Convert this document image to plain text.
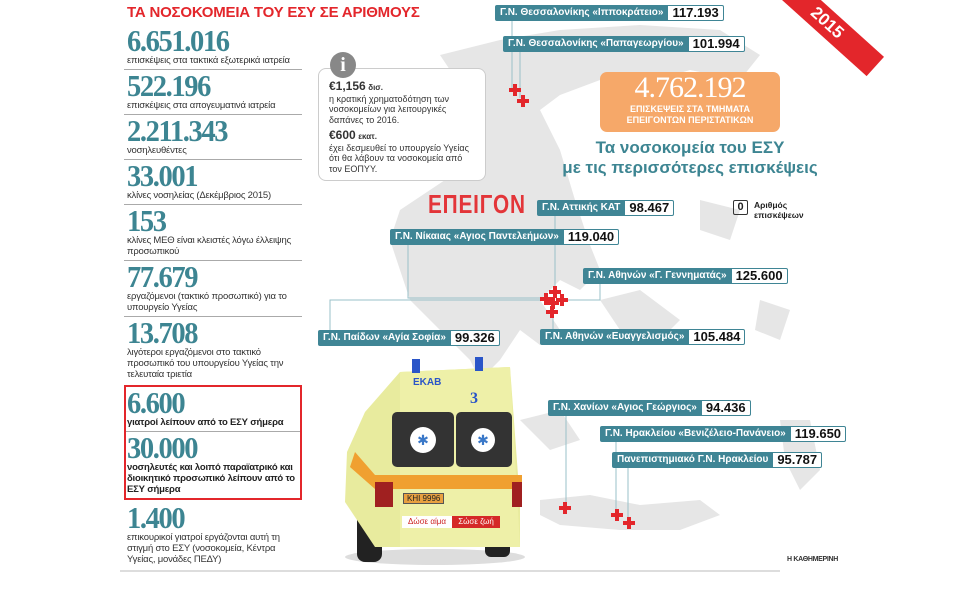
ΤΑ ΝΟΣΟΚΟΜΕΙΑ ΤΟΥ ΕΣΥ ΣΕ ΑΡΙΘΜΟΥΣ
6.651.016
επισκέψεις στα τακτικά εξωτερικά ιατρεία
522.196
επισκέψεις στα απογευματινά ιατρεία
2.211.343
νοσηλευθέντες
33.001
κλίνες νοσηλείας (Δεκέμβριος 2015)
153
κλίνες ΜΕΘ είναι κλειστές λόγω έλλειψης προσωπικού
77.679
εργαζόμενοι (τακτικό προσωπικό) για το υπουργείο Υγείας
13.708
λιγότεροι εργαζόμενοι στο τακτικό προσωπικό του υπουργείου Υγείας την τελευταία τριετία
6.600
γιατροί λείπουν από το ΕΣΥ σήμερα
30.000
νοσηλευτές και λοιπό παραϊατρικό και διοικητικό προσωπικό λείπουν από το ΕΣΥ σήμερα
1.400
επικουρικοί γιατροί εργάζονται αυτή τη στιγμή στο ΕΣΥ (νοσοκομεία, Κέντρα Υγείας, μονάδες ΠΕΔΥ)
€1,156 δισ.
η κρατική χρηματοδότηση των νοσοκομείων για λειτουργικές δαπάνες το 2016.
€600 εκατ.
έχει δεσμευθεί το υπουργείο Υγείας ότι θα λάβουν τα νοσοκομεία από τον ΕΟΠΥΥ.
i
ΕΠΕΙΓΟΝ
2015
4.762.192
ΕΠΙΣΚΕΨΕΙΣ ΣΤΑ ΤΜΗΜΑΤΑ
ΕΠΕΙΓΟΝΤΩΝ ΠΕΡΙΣΤΑΤΙΚΩΝ
Τα νοσοκομεία του ΕΣΥ
με τις περισσότερες επισκέψεις
0	Αριθμός επισκέψεων
Γ.Ν. Θεσσαλονίκης «Ιπποκράτειο» 117.193
Γ.Ν. Θεσσαλονίκης «Παπαγεωργίου» 101.994
Γ.Ν. Αττικής ΚΑΤ 98.467
Γ.Ν. Νίκαιας «Αγιος Παντελεήμων» 119.040
Γ.Ν. Αθηνών «Γ. Γεννηματάς» 125.600
Γ.Ν. Παίδων «Αγία Σοφία» 99.326	Γ.Ν. Αθηνών «Ευαγγελισμός» 105.484
Γ.Ν. Χανίων «Αγιος Γεώργιος» 94.436
Γ.Ν. Ηρακλείου «Βενιζέλειο-Πανάνειο» 119.650
Πανεπιστημιακό Γ.Ν. Ηρακλείου 95.787
✱	✱
ΕΚΑΒ
3
ΚΗΙ 9996
Δώσε αίμα	Σώσε ζωή
Η ΚΑΘΗΜΕΡΙΝΗ
